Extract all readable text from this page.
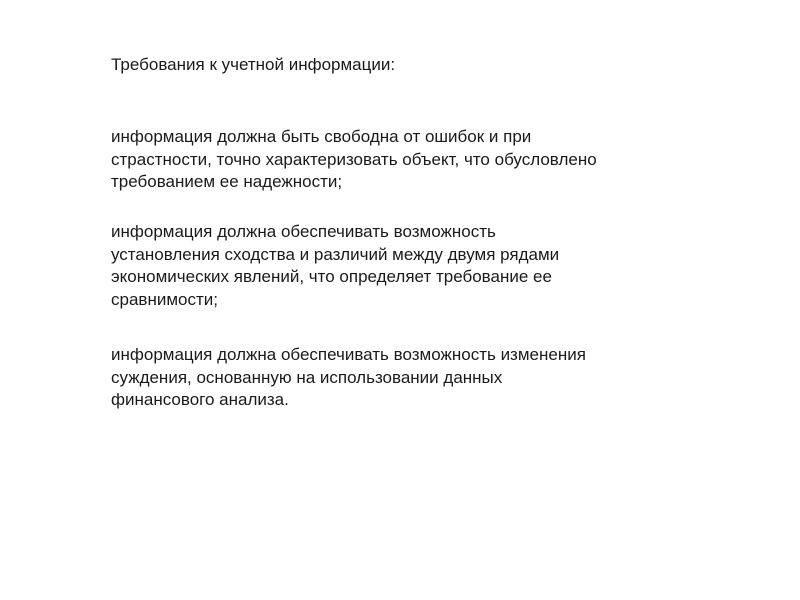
Требования к учетной информации:
информация должна быть свободна от ошибок и при
страстности, точно характеризовать объект, что обусловлено
требованием ее надежности;
информация должна обеспечивать возможность
установления сходства и различий между двумя рядами
экономических явлений, что определяет требование ее
сравнимости;
информация должна обеспечивать возможность изменения
суждения, основанную на использовании данных
финансового анализа.
